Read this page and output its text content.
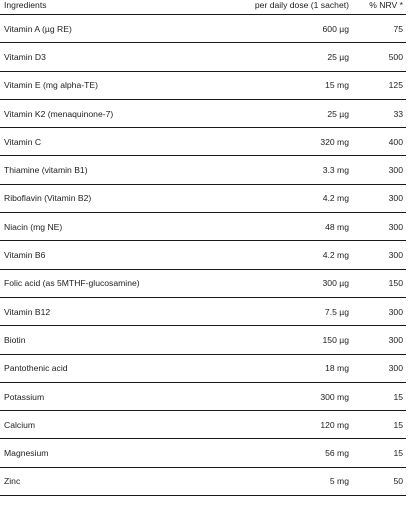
Ingredients	per daily dose (1 sachet)	% NRV *
Vitamin A (µg RE)	600 µg	75
Vitamin D3	25 µg	500
Vitamin E (mg alpha-TE)	15 mg	125
Vitamin K2 (menaquinone-7)	25 µg	33
Vitamin C	320 mg	400
Thiamine (vitamin B1)	3.3 mg	300
Riboflavin (Vitamin B2)	4.2 mg	300
Niacin (mg NE)	48 mg	300
Vitamin B6	4.2 mg	300
Folic acid (as 5MTHF-glucosamine)	300 µg	150
Vitamin B12	7.5 µg	300
Biotin	150 µg	300
Pantothenic acid	18 mg	300
Potassium	300 mg	15
Calcium	120 mg	15
Magnesium	56 mg	15
Zinc	5 mg	50
